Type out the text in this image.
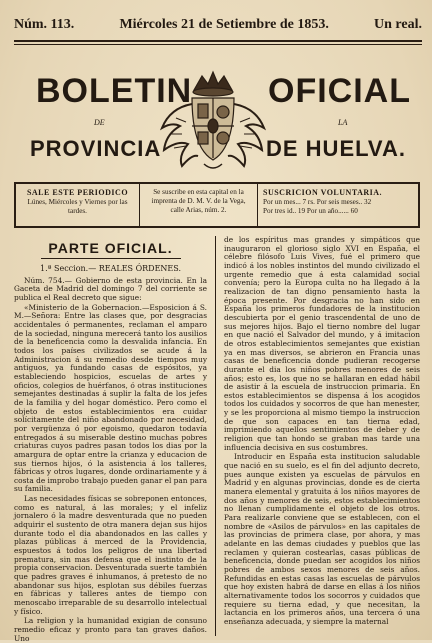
Núm. 113.	Miércoles 21 de Setiembre de 1853.	Un real.
BOLETIN OFICIAL
DE	LA
PROVINCIA	DE HUELVA.
SALE ESTE PERIODICO
Lúnes, Miércoles y Viernes por las tardes.
Se suscribe en esta capital en la imprenta de D. M. V. de la Vega, calle Arias, núm. 2.
SUSCRICION VOLUNTARIA.
Por un mes... 7 rs. Por seis meses.. 32
Por tres id.. 19 Por un año...... 60
PARTE OFICIAL.
1.ª Seccion.— REALES ÓRDENES.

Núm. 754.— Gobierno de esta provincia. En la Gaceta de Madrid del domingo 7 del corriente se publica el Real decreto que sigue:

«Ministerio de la Gobernacion.—Esposicion á S. M.—Señora: Entre las clases que, por desgracias accidentales ó permanentes, reclaman el amparo de la sociedad, ninguna merecerá tanto los ausilios de la beneficencia como la desvalida infancia. En todos los países civilizados se acude á la Administracion á su remedio desde tiempos muy antiguos, ya fundando casas de espósitos, ya estableciendo hospicios, escuelas de artes y oficios, colegios de huérfanos, ó otras instituciones semejantes destinadas á suplir la falta de los jefes de la familia y del hogar doméstico. Pero como el objeto de estos establecimientos era cuidar solícitamente del niño abandonado por necesidad, por vergüenza ó por egoismo, quedaron todavía entregados á su miserable destino muchas pobres criaturas cuyos padres pasan todos los dias por la amargura de optar entre la crianza y educacion de sus tiernos hijos, ó la asistencia á los talleres, fábricas y otros lugares, donde ordinariamente y á costa de improbo trabajo pueden ganar el pan para su familia.

Las necesidades físicas se sobreponen entonces, como es natural, á las morales; y el infeliz jornalero ó la madre desventurada que no pueden adquirir el sustento de otra manera dejan sus hijos durante todo el dia abandonados en las calles y plazas públicas á merced de la Providencia, espuestos á todos los peligros de una libertad prematura, sin mas defensa que el instinto de la propia conservacion. Desventurada suerte también que padres graves é inhumanos, á pretesto de no abandonar sus hijos, esplotan sus débiles fuerzas en fábricas y talleres antes de tiempo con menoscabo irreparable de su desarrollo intelectual y físico.

La religion y la humanidad exigian de consuno remedio eficaz y pronto para tan graves daños. Uno

de los espíritus mas grandes y simpáticos que inauguraron el glorioso siglo XVI en España, el célebre filósofo Luis Vives, fué el primero que indicó á los nobles instintos del mundo civilizado el urgente remedio que á esta calamidad social convenía; pero la Europa culta no ha llegado á la realizacion de tan digno pensamiento hasta la época presente. Por desgracia no han sido en España los primeros fundadores de la institucion descubierta por el genio trascendental de uno de sus mejores hijos. Bajo el tierno nombre del lugar en que nació el Salvador del mundo, y á imitacion de otros establecimientos semejantes que existian ya en mas diversos, se abrieron en Francia unas casas de beneficencia donde pudieran recogerse durante el dia los niños pobres menores de seis años; esto es, los que no se hallaran en edad hábil de asistir á la escuela de instruccion primaria. En estos establecimientos se dispensa á los acogidos todos los cuidados y socorros de que han menester, y se les proporciona al mismo tiempo la instruccion de que son capaces en tan tierna edad, imprimiendo aquellos sentimientos de deber y de religion que tan hondo se graban mas tarde una influencia decisiva en sus costumbres.

Introducir en España esta institucion saludable que nació en su suelo, es el fin del adjunto decreto, pues aunque existen ya escuelas de párvulos en Madrid y en algunas provincias, donde es de cierta manera elemental y gratuita á los niños mayores de dos años y menores de seis, estos establecimientos no llenan cumplidamente el objeto de los otros. Para realizarle conviene que se establecen, con el nombre de «Asilos de párvulos» en las capitales de las provincias de primera clase, por ahora, y mas adelante en las demas ciudades y pueblos que las reclamen y quieran costearlas, casas públicas de beneficencia, donde puedan ser acogidos los niños pobres de ambos sexos menores de seis años. Refundidas en estas casas las escuelas de párvulos que hoy existen habrá de darse en ellas á los niños alternativamente todos los socorros y cuidados que requiere su tierna edad, y que necesitan, la lactancia en los primeros años, una tercera ó una enseñanza adecuada, y siempre la maternal
